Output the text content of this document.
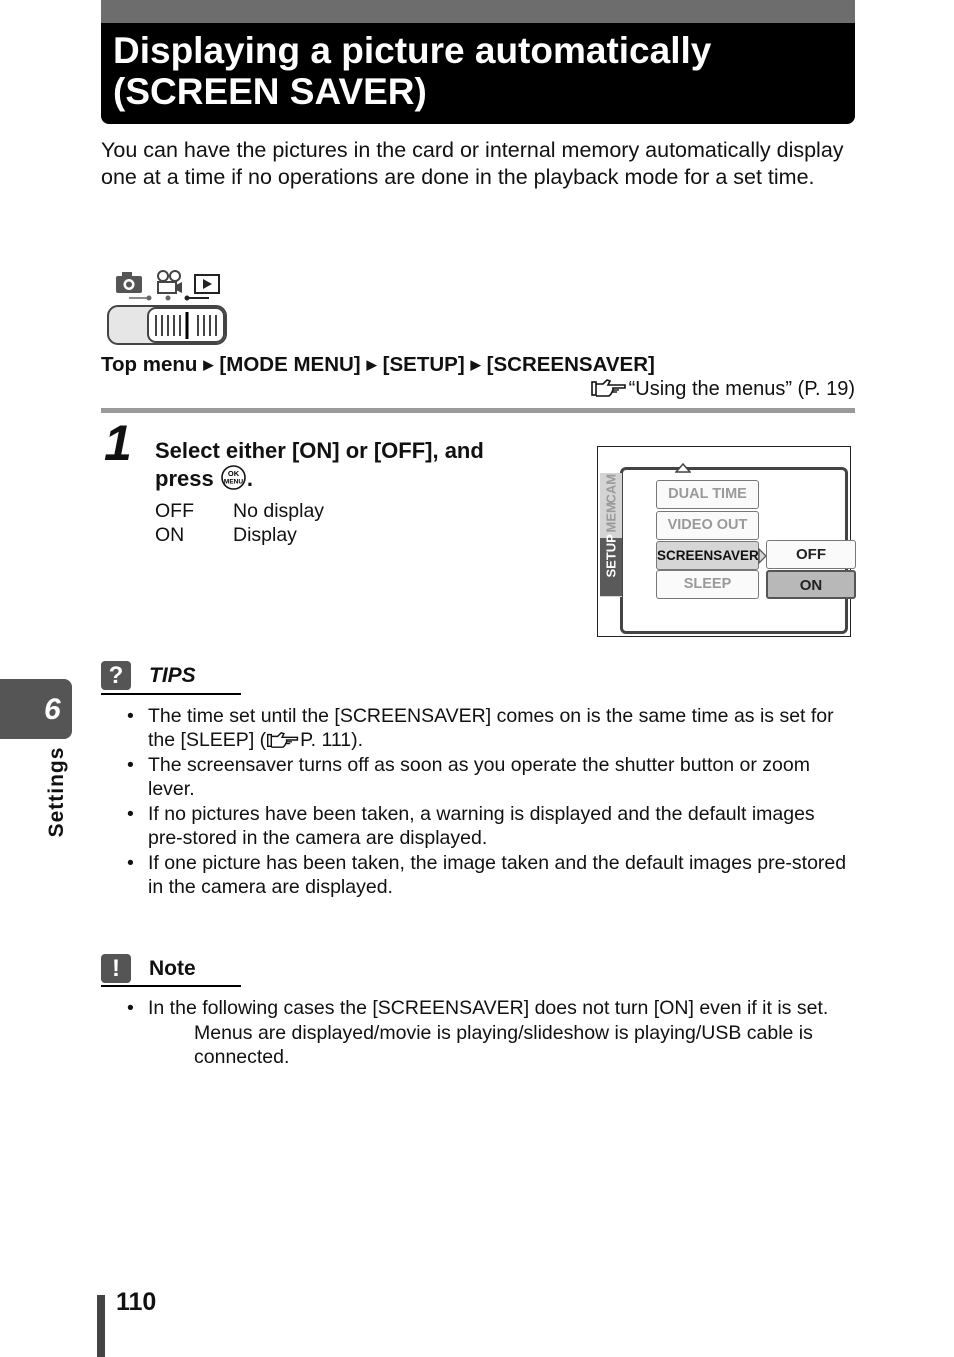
Displaying a picture automatically
(SCREEN SAVER)

You can have the pictures in the card or internal memory automatically display one at a time if no operations are done in the playback mode for a set time.

Top menu ▶ [MODE MENU] ▶ [SETUP] ▶ [SCREENSAVER]
“Using the menus” (P. 19)
1 Select either [ON] or [OFF], and
press OK
MENU .
OFF No display
ON	Display
DUAL TIME
VIDEO OUT
SCREENSAVER
SLEEP
OFF
ON
CAM
MEM
SETUP
?	TIPS
• The time set until the [SCREENSAVER] comes on is the same time as is set for the [SLEEP] ( P. 111).
• The screensaver turns off as soon as you operate the shutter button or zoom lever.
• If no pictures have been taken, a warning is displayed and the default images pre-stored in the camera are displayed.
• If one picture has been taken, the image taken and the default images pre-stored in the camera are displayed.
!	Note
• In the following cases the [SCREENSAVER] does not turn [ON] even if it is set.
Menus are displayed/movie is playing/slideshow is playing/USB cable is connected.
6
Settings
110
